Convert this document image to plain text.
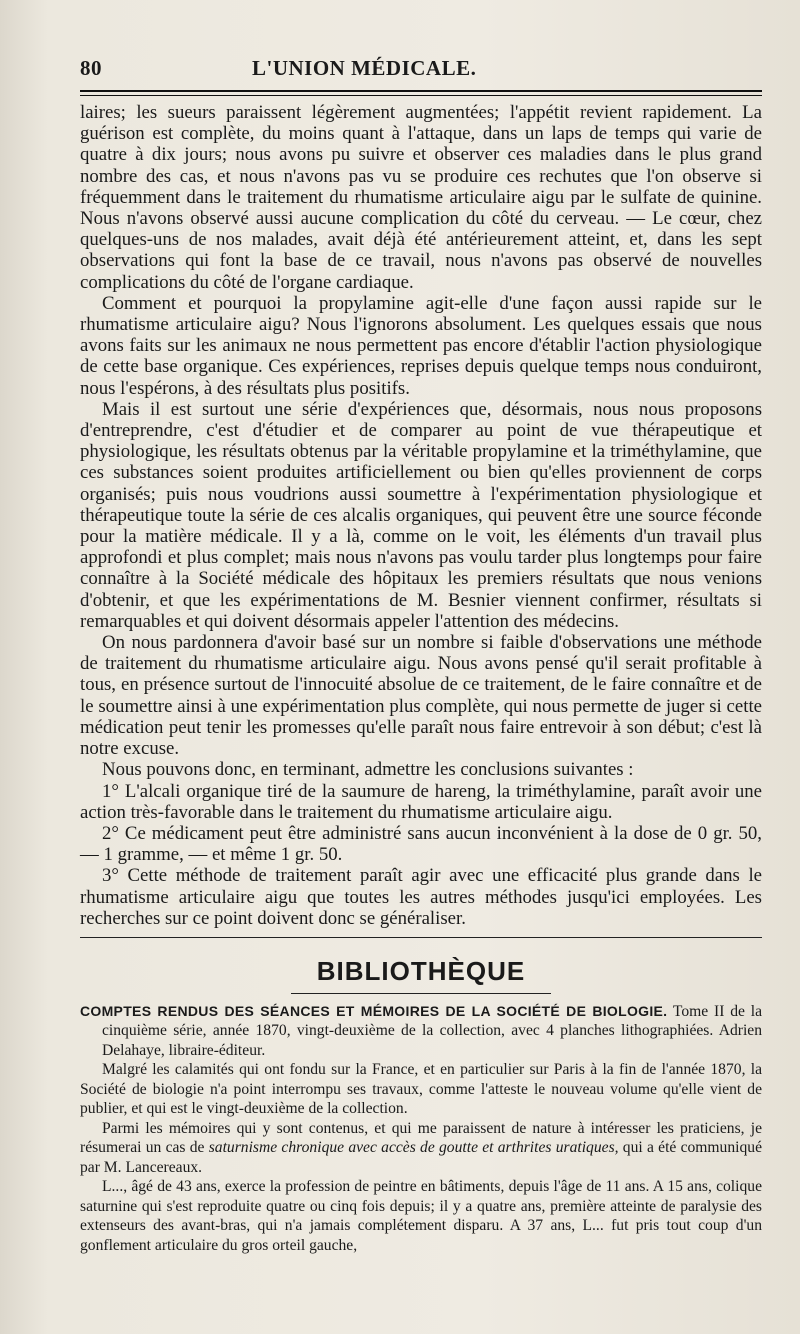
80	L'UNION MÉDICALE.

laires; les sueurs paraissent légèrement augmentées; l'appétit revient rapidement. La guérison est complète, du moins quant à l'attaque, dans un laps de temps qui varie de quatre à dix jours; nous avons pu suivre et observer ces maladies dans le plus grand nombre des cas, et nous n'avons pas vu se produire ces rechutes que l'on observe si fréquemment dans le traitement du rhumatisme articulaire aigu par le sulfate de quinine. Nous n'avons observé aussi aucune complication du côté du cerveau. — Le cœur, chez quelques-uns de nos malades, avait déjà été antérieurement atteint, et, dans les sept observations qui font la base de ce travail, nous n'avons pas observé de nouvelles complications du côté de l'organe cardiaque.

Comment et pourquoi la propylamine agit-elle d'une façon aussi rapide sur le rhumatisme articulaire aigu? Nous l'ignorons absolument. Les quelques essais que nous avons faits sur les animaux ne nous permettent pas encore d'établir l'action physiologique de cette base organique. Ces expériences, reprises depuis quelque temps nous conduiront, nous l'espérons, à des résultats plus positifs.

Mais il est surtout une série d'expériences que, désormais, nous nous proposons d'entreprendre, c'est d'étudier et de comparer au point de vue thérapeutique et physiologique, les résultats obtenus par la véritable propylamine et la triméthylamine, que ces substances soient produites artificiellement ou bien qu'elles proviennent de corps organisés; puis nous voudrions aussi soumettre à l'expérimentation physiologique et thérapeutique toute la série de ces alcalis organiques, qui peuvent être une source féconde pour la matière médicale. Il y a là, comme on le voit, les éléments d'un travail plus approfondi et plus complet; mais nous n'avons pas voulu tarder plus longtemps pour faire connaître à la Société médicale des hôpitaux les premiers résultats que nous venions d'obtenir, et que les expérimentations de M. Besnier viennent confirmer, résultats si remarquables et qui doivent désormais appeler l'attention des médecins.

On nous pardonnera d'avoir basé sur un nombre si faible d'observations une méthode de traitement du rhumatisme articulaire aigu. Nous avons pensé qu'il serait profitable à tous, en présence surtout de l'innocuité absolue de ce traitement, de le faire connaître et de le soumettre ainsi à une expérimentation plus complète, qui nous permette de juger si cette médication peut tenir les promesses qu'elle paraît nous faire entrevoir à son début; c'est là notre excuse.

Nous pouvons donc, en terminant, admettre les conclusions suivantes :

1° L'alcali organique tiré de la saumure de hareng, la triméthylamine, paraît avoir une action très-favorable dans le traitement du rhumatisme articulaire aigu.

2° Ce médicament peut être administré sans aucun inconvénient à la dose de 0 gr. 50, — 1 gramme, — et même 1 gr. 50.

3° Cette méthode de traitement paraît agir avec une efficacité plus grande dans le rhumatisme articulaire aigu que toutes les autres méthodes jusqu'ici employées. Les recherches sur ce point doivent donc se généraliser.

BIBLIOTHÈQUE

COMPTES RENDUS DES SÉANCES ET MÉMOIRES DE LA SOCIÉTÉ DE BIOLOGIE. Tome II de la cinquième série, année 1870, vingt-deuxième de la collection, avec 4 planches lithographiées. Adrien Delahaye, libraire-éditeur.

Malgré les calamités qui ont fondu sur la France, et en particulier sur Paris à la fin de l'année 1870, la Société de biologie n'a point interrompu ses travaux, comme l'atteste le nouveau volume qu'elle vient de publier, et qui est le vingt-deuxième de la collection.

Parmi les mémoires qui y sont contenus, et qui me paraissent de nature à intéresser les praticiens, je résumerai un cas de saturnisme chronique avec accès de goutte et arthrites uratiques, qui a été communiqué par M. Lancereaux.

L..., âgé de 43 ans, exerce la profession de peintre en bâtiments, depuis l'âge de 11 ans. A 15 ans, colique saturnine qui s'est reproduite quatre ou cinq fois depuis; il y a quatre ans, première atteinte de paralysie des extenseurs des avant-bras, qui n'a jamais complétement disparu. A 37 ans, L... fut pris tout coup d'un gonflement articulaire du gros orteil gauche,
